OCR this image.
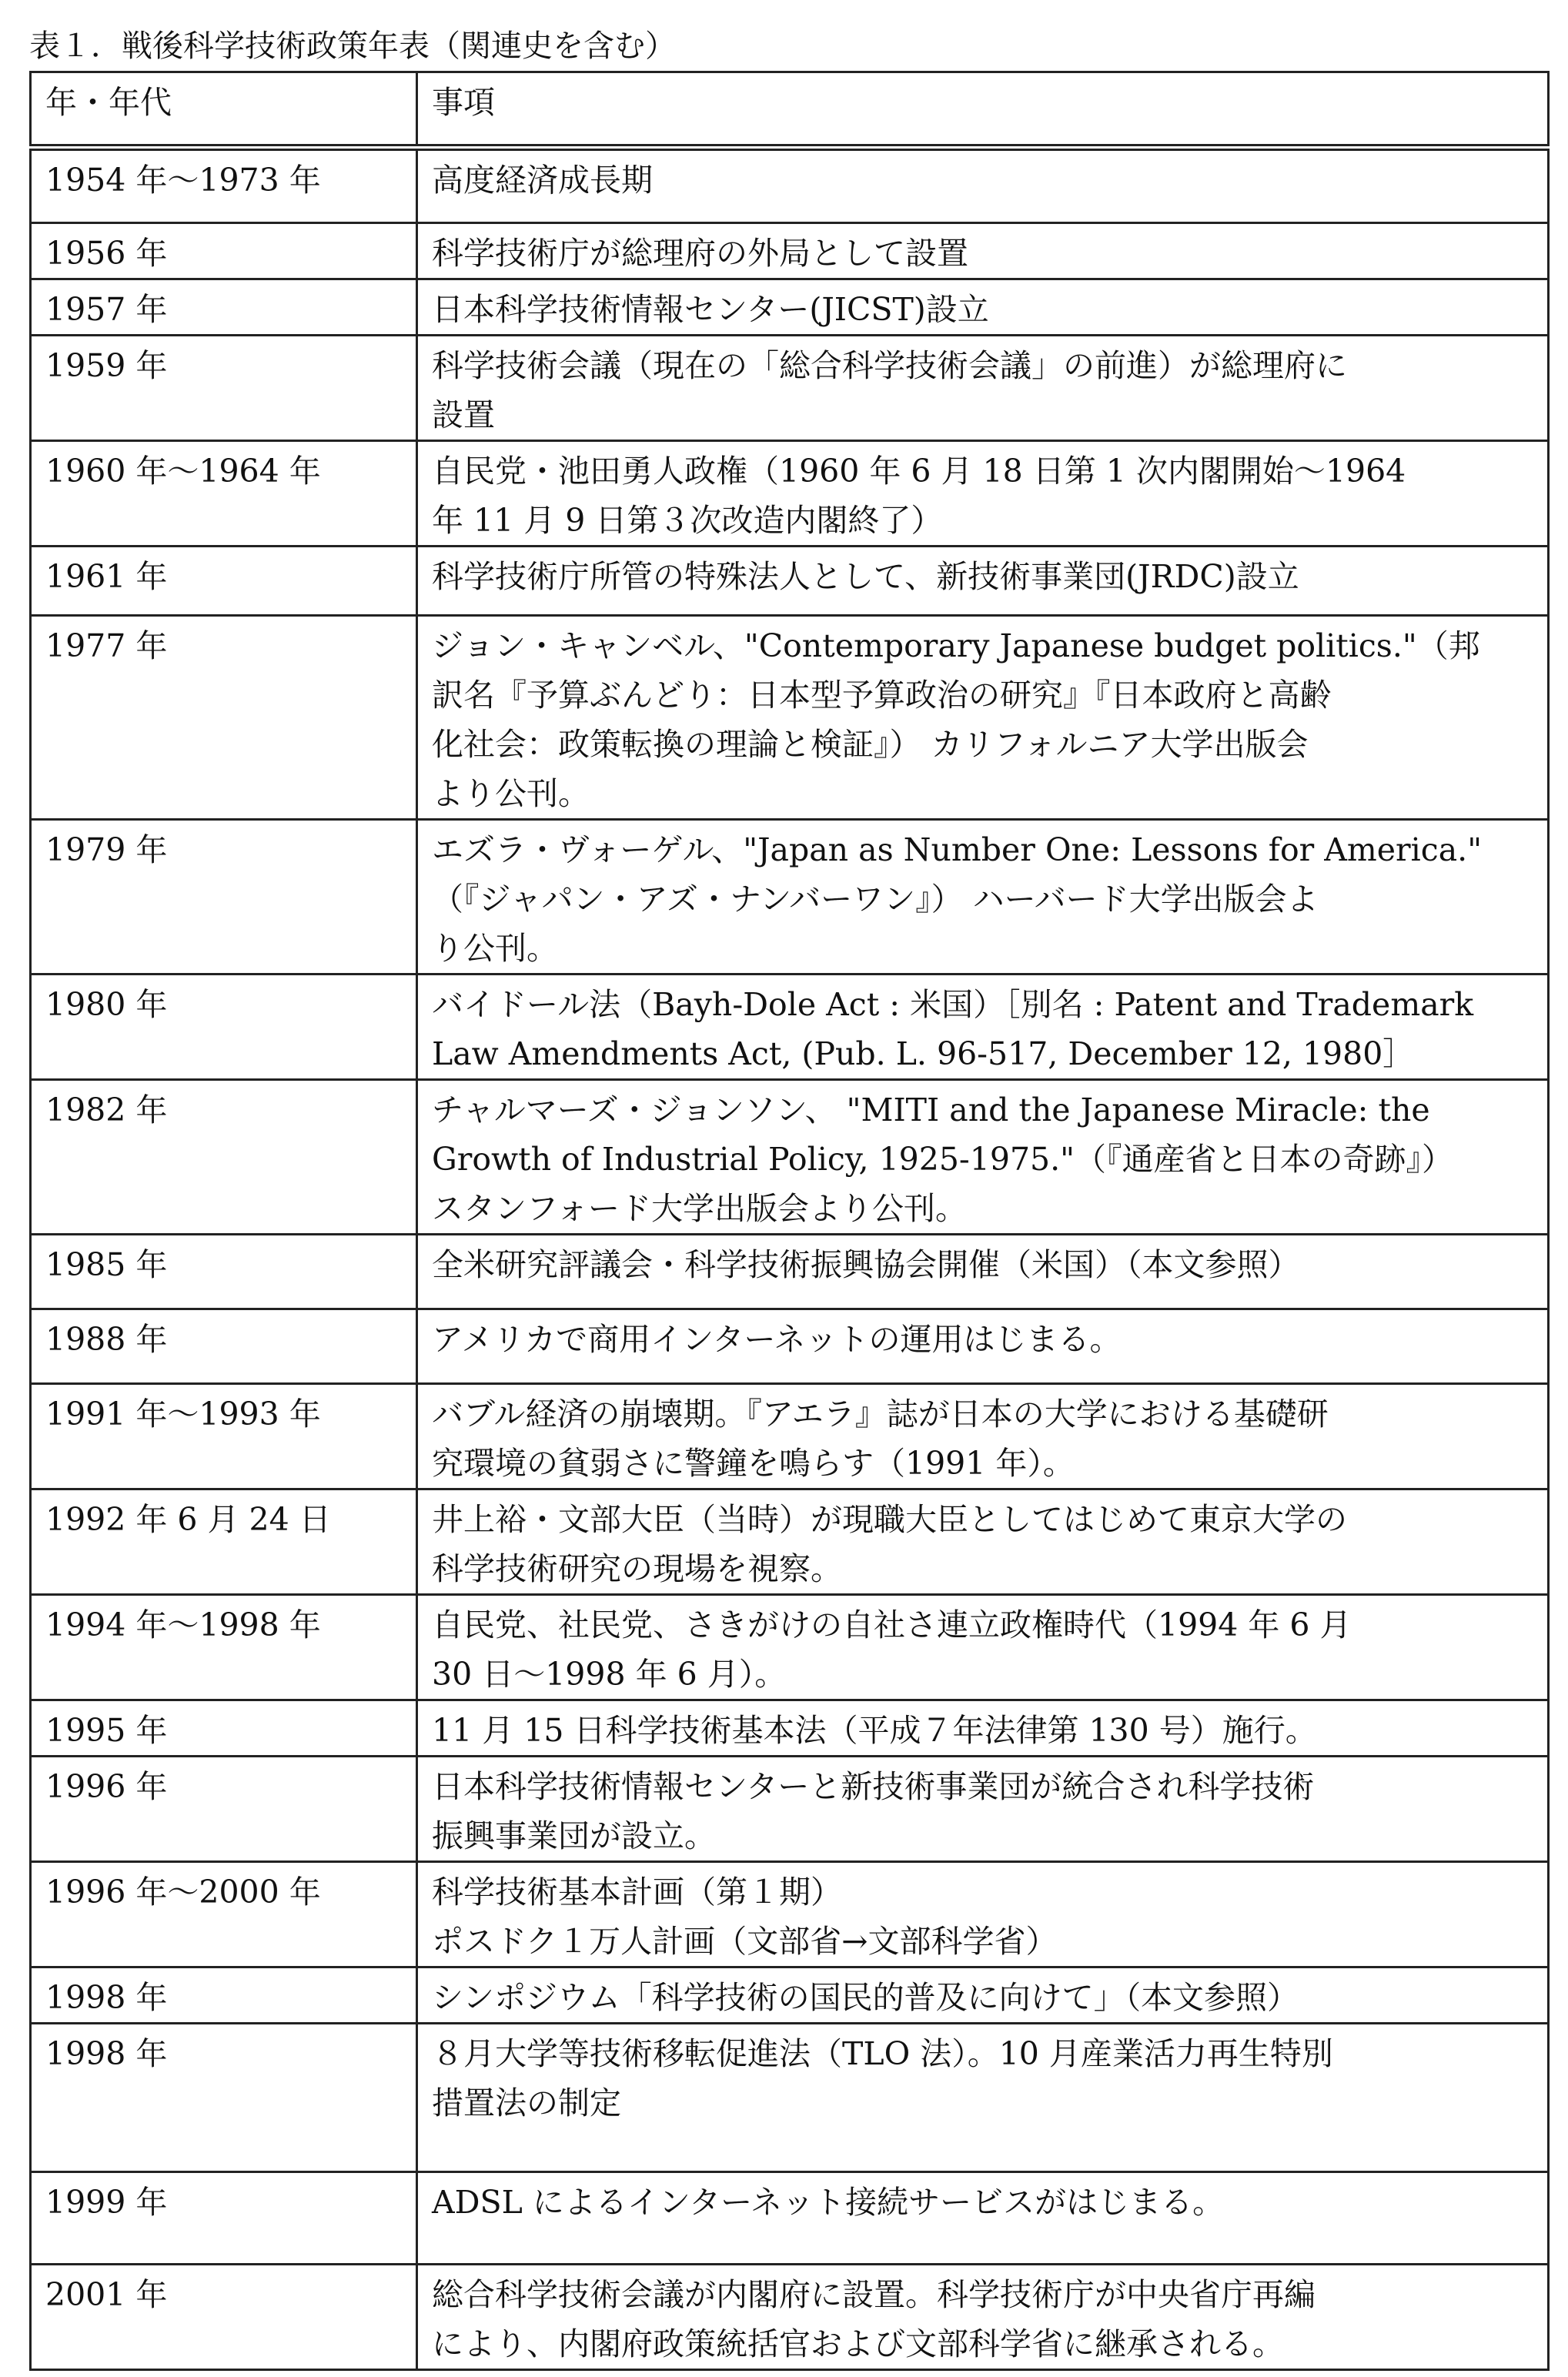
表１．戦後科学技術政策年表（関連史を含む）
年・年代	事項
1954 年～1973 年	高度経済成長期
1956 年	科学技術庁が総理府の外局として設置
1957 年	日本科学技術情報センター(JICST)設立
1959 年	科学技術会議（現在の「総合科学技術会議」の前進）が総理府に
設置
1960 年～1964 年	自民党・池田勇人政権（1960 年 6 月 18 日第 1 次内閣開始～1964
年 11 月 9 日第３次改造内閣終了）
1961 年	科学技術庁所管の特殊法人として、新技術事業団(JRDC)設立
1977 年	ジョン・キャンベル、"Contemporary Japanese budget politics."（邦
訳名『予算ぶんどり：日本型予算政治の研究』『日本政府と高齢
化社会：政策転換の理論と検証』） カリフォルニア大学出版会
より公刊。
1979 年	エズラ・ヴォーゲル、"Japan as Number One: Lessons for America."
（『ジャパン・アズ・ナンバーワン』） ハーバード大学出版会よ
り公刊。
1980 年	バイドール法（Bayh-Dole Act : 米国）［別名 : Patent and Trademark
Law Amendments Act, (Pub. L. 96-517, December 12, 1980］
1982 年	チャルマーズ・ジョンソン、 "MITI and the Japanese Miracle: the
Growth of Industrial Policy, 1925-1975."（『通産省と日本の奇跡』）
スタンフォード大学出版会より公刊。
1985 年	全米研究評議会・科学技術振興協会開催（米国）（本文参照）
1988 年	アメリカで商用インターネットの運用はじまる。
1991 年～1993 年	バブル経済の崩壊期。『アエラ』誌が日本の大学における基礎研
究環境の貧弱さに警鐘を鳴らす（1991 年）。
1992 年 6 月 24 日	井上裕・文部大臣（当時）が現職大臣としてはじめて東京大学の
科学技術研究の現場を視察。
1994 年～1998 年	自民党、社民党、さきがけの自社さ連立政権時代（1994 年 6 月
30 日～1998 年 6 月）。
1995 年	11 月 15 日科学技術基本法（平成７年法律第 130 号）施行。
1996 年	日本科学技術情報センターと新技術事業団が統合され科学技術
振興事業団が設立。
1996 年～2000 年	科学技術基本計画（第１期）
ポスドク１万人計画（文部省→文部科学省）
1998 年	シンポジウム「科学技術の国民的普及に向けて」（本文参照）
1998 年	８月大学等技術移転促進法（TLO 法）。10 月産業活力再生特別
措置法の制定
1999 年	ADSL によるインターネット接続サービスがはじまる。
2001 年	総合科学技術会議が内閣府に設置。科学技術庁が中央省庁再編
により、内閣府政策統括官および文部科学省に継承される。
